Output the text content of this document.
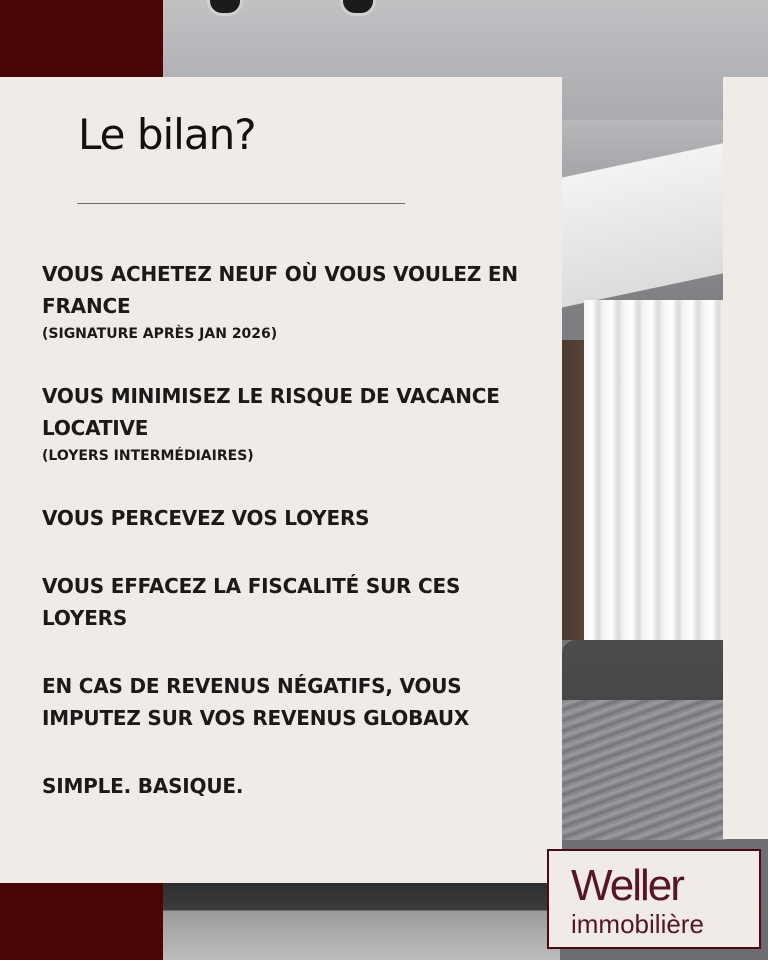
Le bilan?
VOUS ACHETEZ NEUF OÙ VOUS VOULEZ EN FRANCE
(SIGNATURE APRÈS JAN 2026)
VOUS MINIMISEZ LE RISQUE DE VACANCE LOCATIVE
(LOYERS INTERMÉDIAIRES)
VOUS PERCEVEZ VOS LOYERS
VOUS EFFACEZ LA FISCALITÉ SUR CES LOYERS
EN CAS DE REVENUS NÉGATIFS, VOUS IMPUTEZ SUR VOS REVENUS GLOBAUX
SIMPLE. BASIQUE.
Weller
immobilière
